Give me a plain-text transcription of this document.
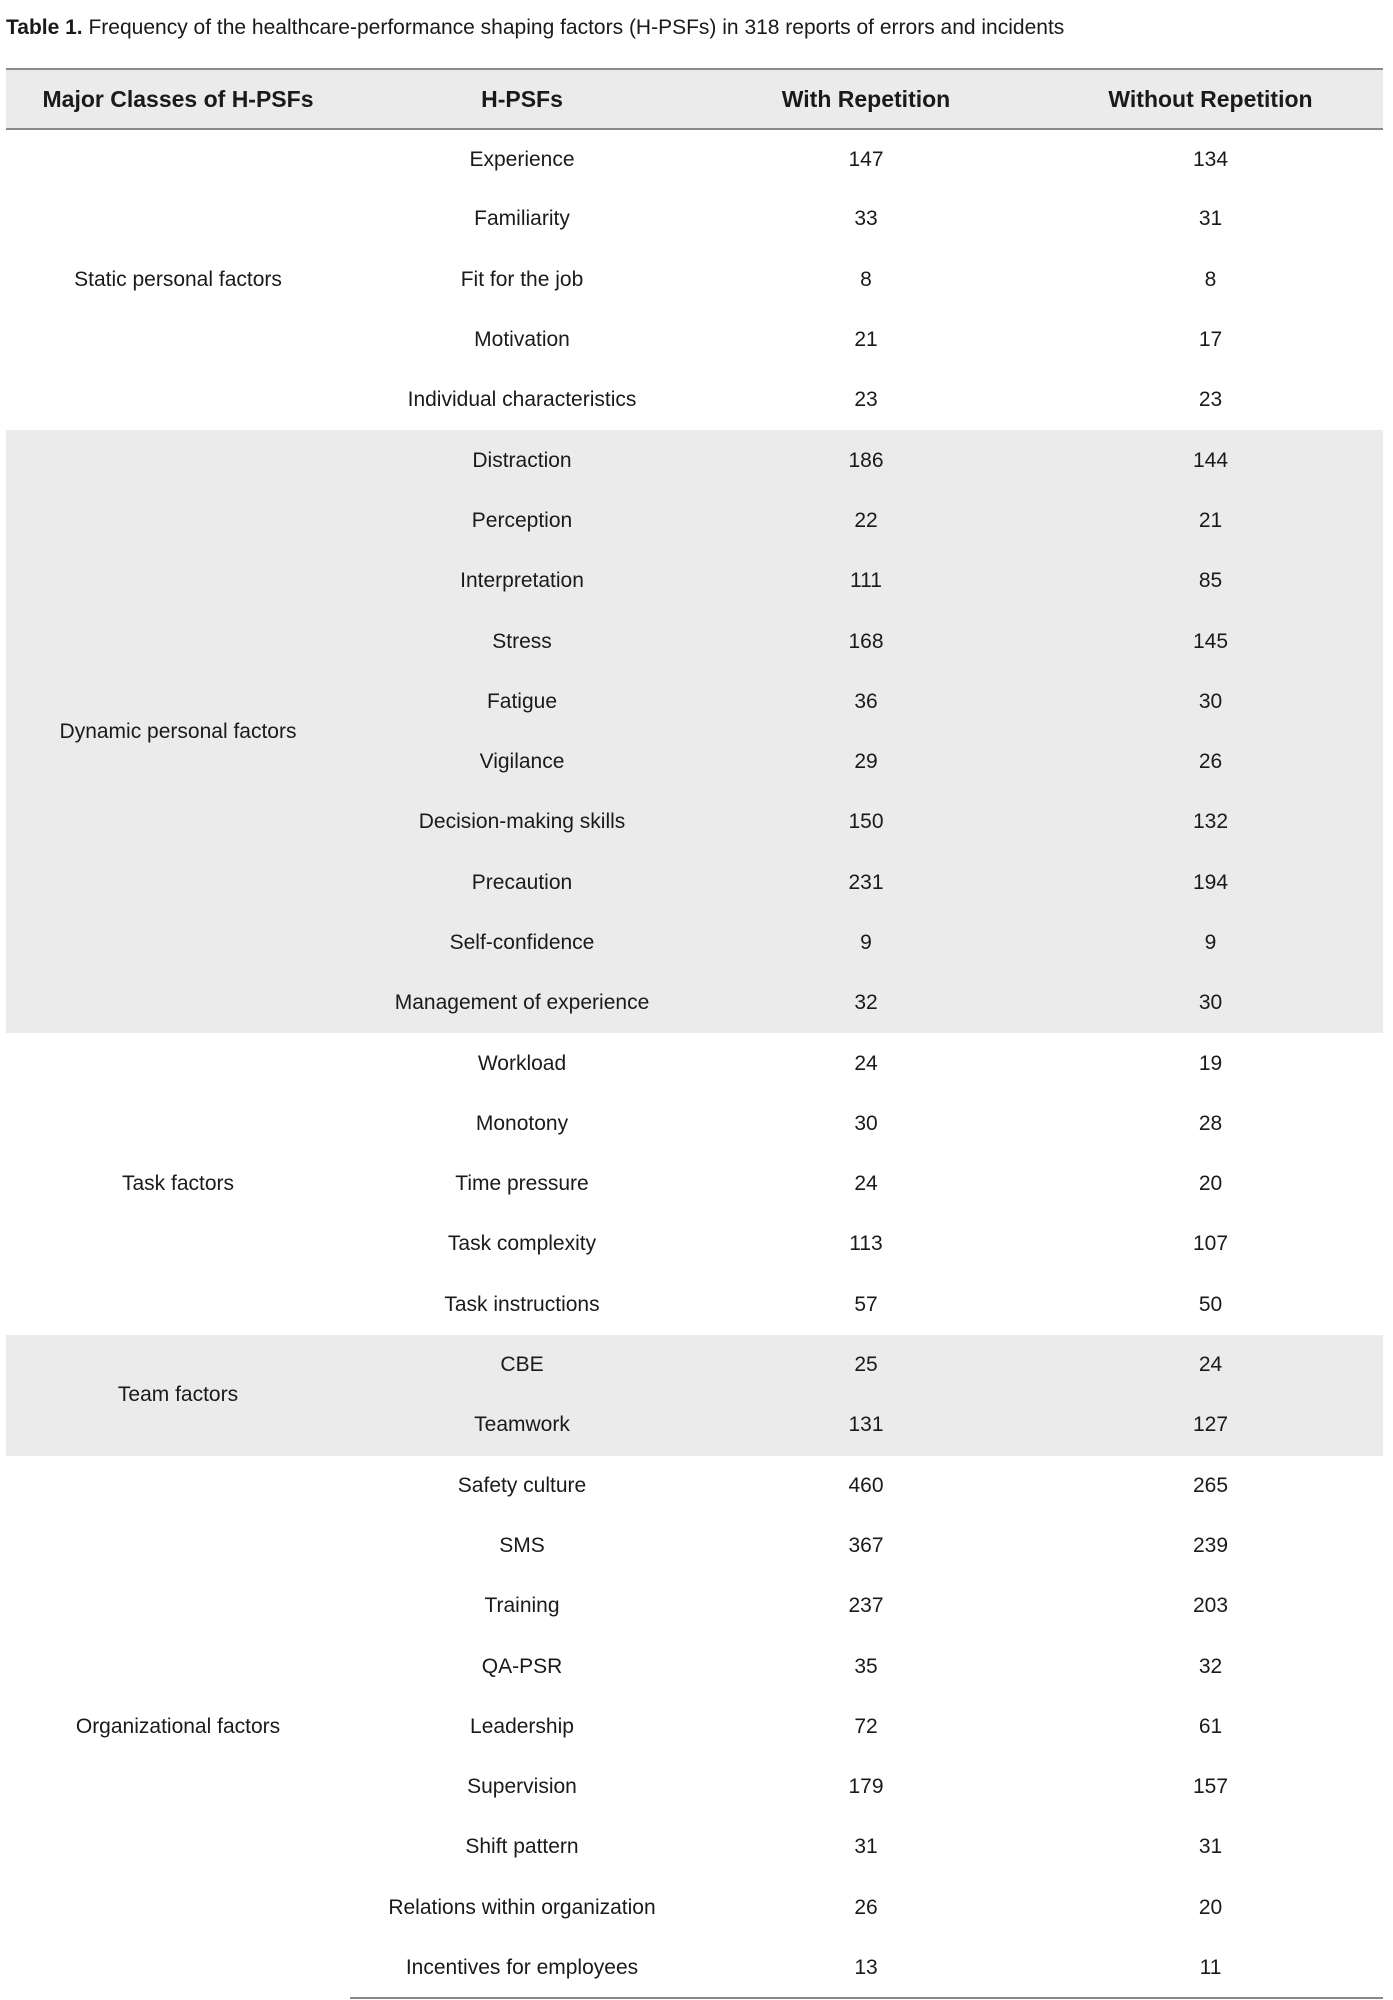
Table 1. Frequency of the healthcare-performance shaping factors (H-PSFs) in 318 reports of errors and incidents
Major Classes of H-PSFs	H-PSFs	With Repetition	Without Repetition
Static personal factors	Experience	147	134
	Familiarity	33	31
	Fit for the job	8	8
	Motivation	21	17
	Individual characteristics	23	23
Dynamic personal factors	Distraction	186	144
	Perception	22	21
	Interpretation	111	85
	Stress	168	145
	Fatigue	36	30
	Vigilance	29	26
	Decision-making skills	150	132
	Precaution	231	194
	Self-confidence	9	9
	Management of experience	32	30
Task factors	Workload	24	19
	Monotony	30	28
	Time pressure	24	20
	Task complexity	113	107
	Task instructions	57	50
Team factors	CBE	25	24
	Teamwork	131	127
Organizational factors	Safety culture	460	265
	SMS	367	239
	Training	237	203
	QA-PSR	35	32
	Leadership	72	61
	Supervision	179	157
	Shift pattern	31	31
	Relations within organization	26	20
	Incentives for employees	13	11
